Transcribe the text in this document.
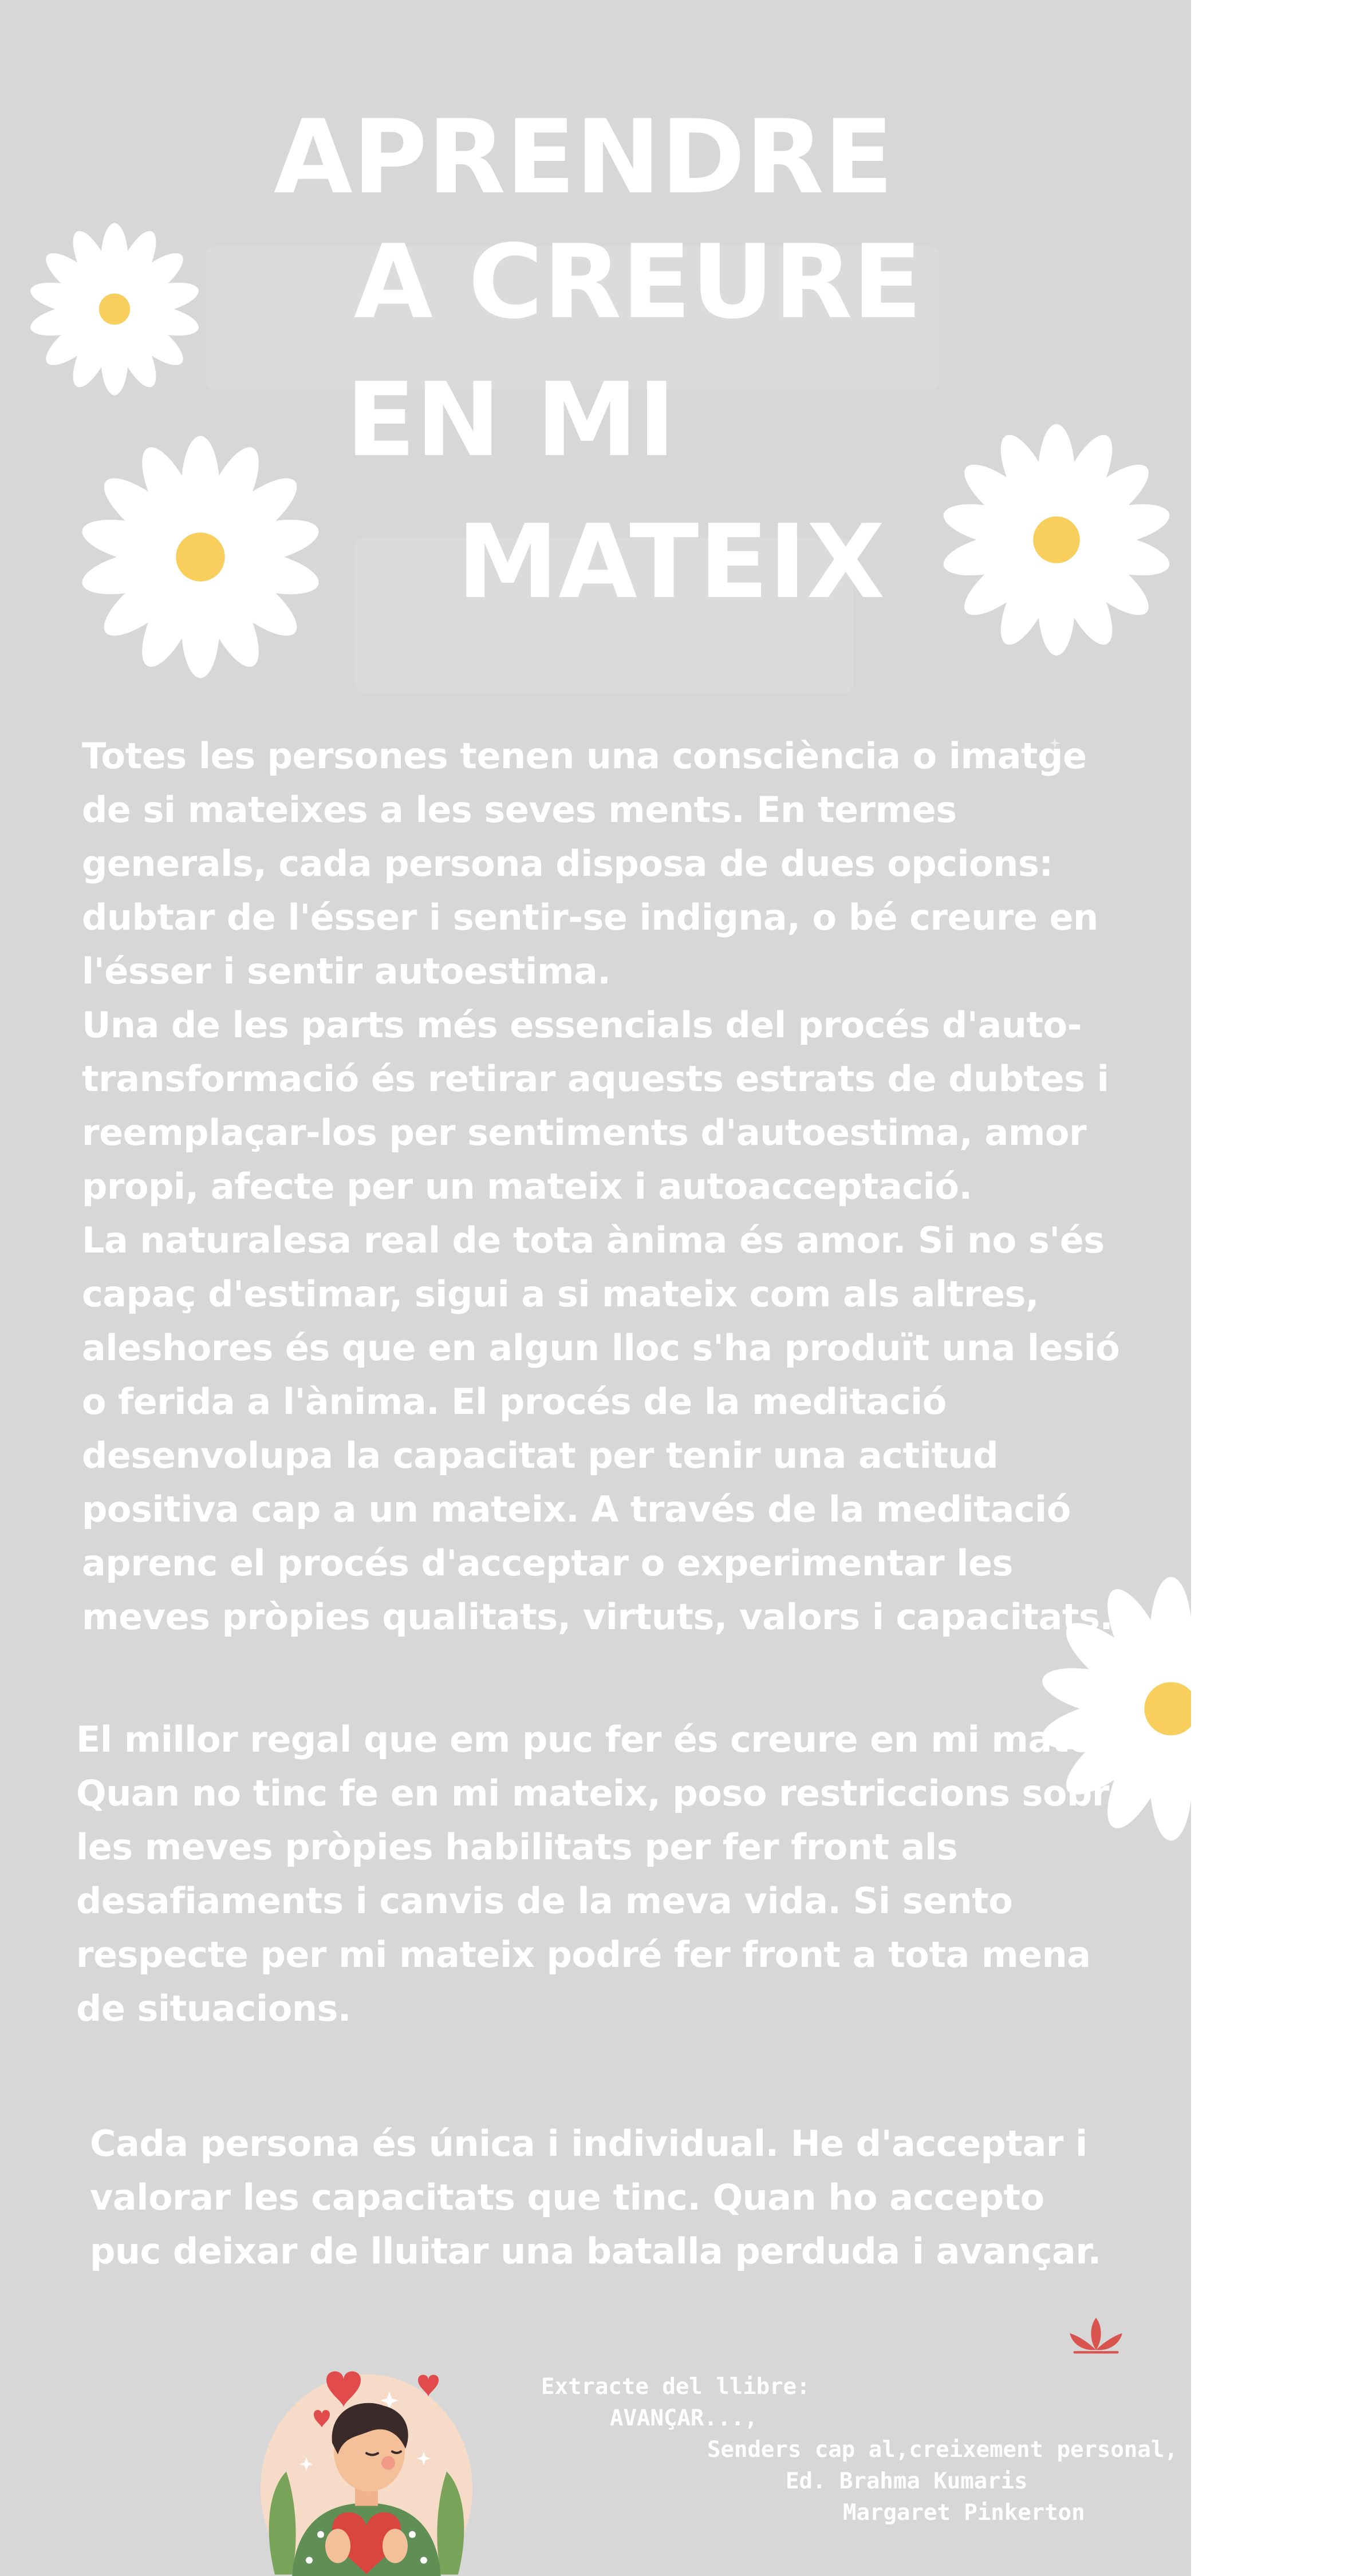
APRENDRE
A CREURE
EN MI
MATEIX
Totes les persones tenen una consciència o imatge
de si mateixes a les seves ments. En termes
generals, cada persona disposa de dues opcions:
dubtar de l'ésser i sentir-se indigna, o bé creure en
l'ésser i sentir autoestima.
Una de les parts més essencials del procés d'auto-
transformació és retirar aquests estrats de dubtes i
reemplaçar-los per sentiments d'autoestima, amor
propi, afecte per un mateix i autoacceptació.
La naturalesa real de tota ànima és amor. Si no s'és
capaç d'estimar, sigui a si mateix com als altres,
aleshores és que en algun lloc s'ha produït una lesió
o ferida a l'ànima. El procés de la meditació
desenvolupa la capacitat per tenir una actitud
positiva cap a un mateix. A través de la meditació
aprenc el procés d'acceptar o experimentar les
meves pròpies qualitats, virtuts, valors i capacitats.
El millor regal que em puc fer és creure en mi mateix.
Quan no tinc fe en mi mateix, poso restriccions sobre
les meves pròpies habilitats per fer front als
desafiaments i canvis de la meva vida. Si sento
respecte per mi mateix podré fer front a tota mena
de situacions.
Cada persona és única i individual. He d'acceptar i
valorar les capacitats que tinc. Quan ho accepto
puc deixar de lluitar una batalla perduda i avançar.

Extracte del llibre:

AVANÇAR...,

Senders cap al,creixement personal,

Ed. Brahma Kumaris

Margaret Pinkerton
